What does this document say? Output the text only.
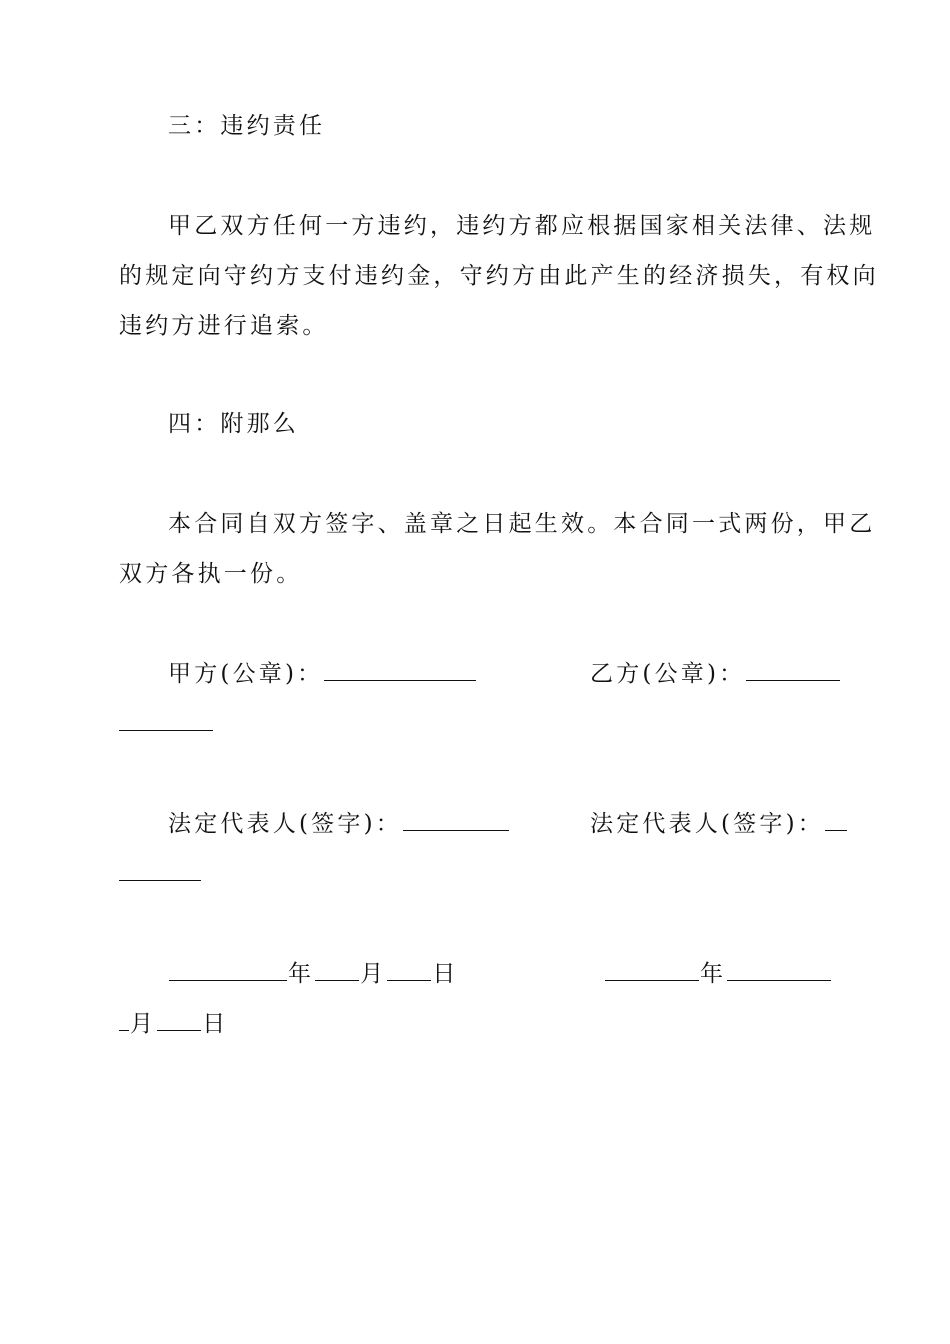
三：违约责任
甲乙双方任何一方违约，违约方都应根据国家相关法律、法规
的规定向守约方支付违约金，守约方由此产生的经济损失，有权向
违约方进行追索。
四：附那么
本合同自双方签字、盖章之日起生效。本合同一式两份，甲乙
双方各执一份。
甲方(公章)：	乙方(公章)：
法定代表人(签字)：	法定代表人(签字)：
年 月 日	年
月 日
